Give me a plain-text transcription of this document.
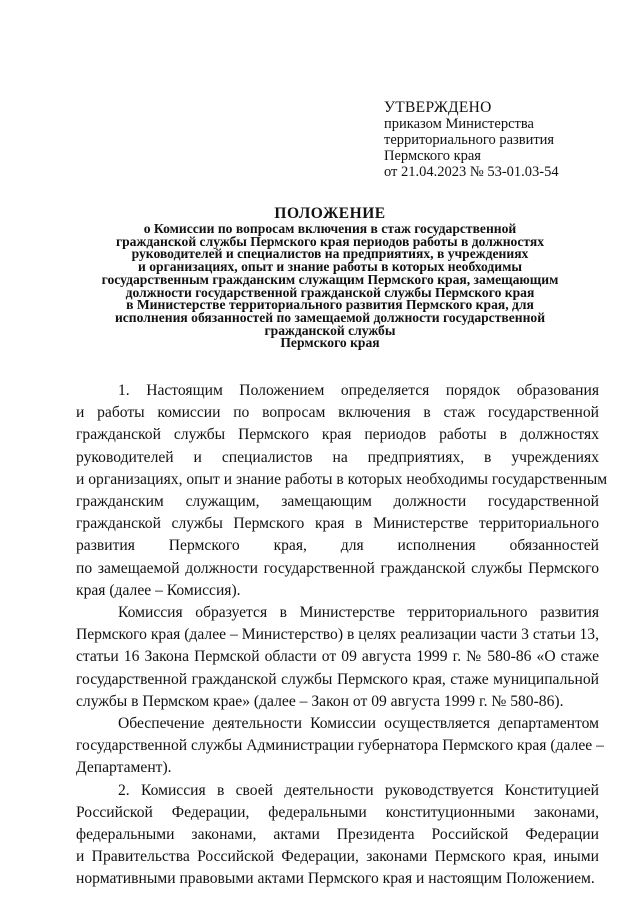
УТВЕРЖДЕНО
приказом Министерства
территориального развития
Пермского края
от 21.04.2023 № 53-01.03-54
ПОЛОЖЕНИЕ
о Комиссии по вопросам включения в стаж государственной
гражданской службы Пермского края периодов работы в должностях
руководителей и специалистов на предприятиях, в учреждениях
и организациях, опыт и знание работы в которых необходимы
государственным гражданским служащим Пермского края, замещающим
должности государственной гражданской службы Пермского края
в Министерстве территориального развития Пермского края, для
исполнения обязанностей по замещаемой должности государственной
гражданской службы
Пермского края

1. Настоящим Положением определяется порядок образования

и работы комиссии по вопросам включения в стаж государственной

гражданской службы Пермского края периодов работы в должностях

руководителей и специалистов на предприятиях, в учреждениях

и организациях, опыт и знание работы в которых необходимы государственным

гражданским служащим, замещающим должности государственной

гражданской службы Пермского края в Министерстве территориального

развития Пермского края, для исполнения обязанностей

по замещаемой должности государственной гражданской службы Пермского

края (далее – Комиссия).

Комиссия образуется в Министерстве территориального развития

Пермского края (далее – Министерство) в целях реализации части 3 статьи 13,

статьи 16 Закона Пермской области от 09 августа 1999 г. № 580-86 «О стаже

государственной гражданской службы Пермского края, стаже муниципальной

службы в Пермском крае» (далее – Закон от 09 августа 1999 г. № 580-86).

Обеспечение деятельности Комиссии осуществляется департаментом

государственной службы Администрации губернатора Пермского края (далее –

Департамент).

2. Комиссия в своей деятельности руководствуется Конституцией

Российской Федерации, федеральными конституционными законами,

федеральными законами, актами Президента Российской Федерации

и Правительства Российской Федерации, законами Пермского края, иными

нормативными правовыми актами Пермского края и настоящим Положением.
